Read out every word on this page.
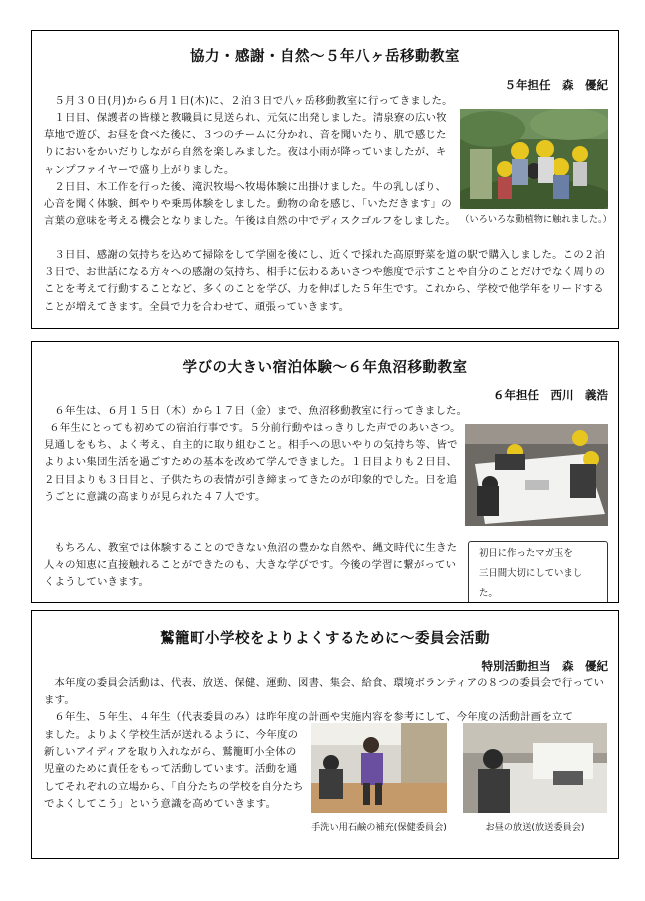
協力・感謝・自然～５年八ヶ岳移動教室
５年担任　森　優紀
５月３０日(月)から６月１日(木)に、２泊３日で八ヶ岳移動教室に行ってきました。
１日目、保護者の皆様と教職員に見送られ、元気に出発しました。清泉寮の広い牧草地で遊び、お昼を食べた後に、３つのチームに分かれ、音を聞いたり、肌で感じたりにおいをかいだりしながら自然を楽しみました。夜は小雨が降っていましたが、キャンプファイヤーで盛り上がりました。
２日目、木工作を行った後、滝沢牧場へ牧場体験に出掛けました。牛の乳しぼり、心音を聞く体験、餌やりや乗馬体験をしました。動物の命を感じ、「いただきます」の言葉の意味を考える機会となりました。午後は自然の中でディスクゴルフをしました。
３日目、感謝の気持ちを込めて掃除をして学園を後にし、近くで採れた高原野菜を道の駅で購入しました。この２泊３日で、お世話になる方々への感謝の気持ち、相手に伝わるあいさつや態度で示すことや自分のことだけでなく周りのことを考えて行動することなど、多くのことを学び、力を伸ばした５年生です。これから、学校で他学年をリードすることが増えてきます。全員で力を合わせて、頑張っていきます。
（いろいろな動植物に触れました。）
学びの大きい宿泊体験～６年魚沼移動教室
６年担任　西川　義浩
６年生は、６月１５日（木）から１７日（金）まで、魚沼移動教室に行ってきました。
６年生にとっても初めての宿泊行事です。５分前行動やはっきりした声でのあいさつ。見通しをもち、よく考え、自主的に取り組むこと。相手への思いやりの気持ち等、皆でよりよい集団生活を過ごすための基本を改めて学んできました。１日目よりも２日目、２日目よりも３日目と、子供たちの表情が引き締まってきたのが印象的でした。日を追うごとに意識の高まりが見られた４７人です。
もちろん、教室では体験することのできない魚沼の豊かな自然や、縄文時代に生きた人々の知恵に直接触れることができたのも、大きな学びです。今後の学習に繋がっていくようしていきます。
初日に作ったマガ玉を
三日間大切にしていました。
鷲籠町小学校をよりよくするために～委員会活動
特別活動担当　森　優紀
本年度の委員会活動は、代表、放送、保健、運動、図書、集会、給食、環境ボランティアの８つの委員会で行っています。
６年生、５年生、４年生（代表委員のみ）は昨年度の計画や実施内容を参考にして、今年度の活動計画を立て
ました。よりよく学校生活が送れるように、今年度の新しいアイディアを取り入れながら、鷲籠町小全体の児童のために責任をもって活動しています。活動を通してそれぞれの立場から、「自分たちの学校を自分たちでよくしてこう」という意識を高めていきます。
手洗い用石鹸の補充(保健委員会)	お昼の放送(放送委員会)
